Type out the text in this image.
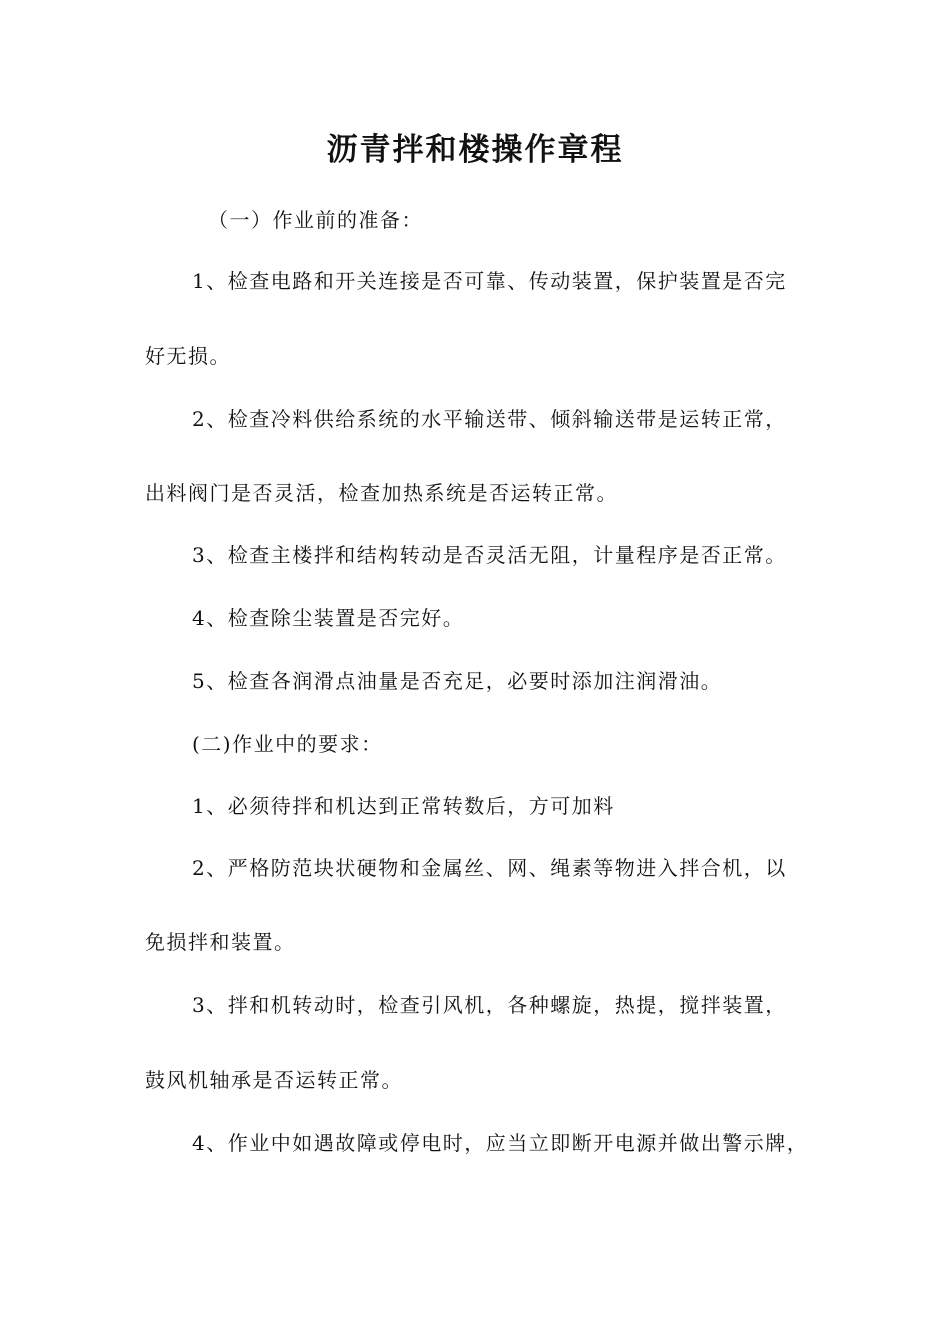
沥青拌和楼操作章程
（一）作业前的准备：
1、检查电路和开关连接是否可靠、传动装置，保护装置是否完
好无损。
2、检查冷料供给系统的水平输送带、倾斜输送带是运转正常，
出料阀门是否灵活，检查加热系统是否运转正常。
3、检查主楼拌和结构转动是否灵活无阻，计量程序是否正常。
4、检查除尘装置是否完好。
5、检查各润滑点油量是否充足，必要时添加注润滑油。
(二)作业中的要求：
1、必须待拌和机达到正常转数后，方可加料
2、严格防范块状硬物和金属丝、网、绳素等物进入拌合机，以
免损拌和装置。
3、拌和机转动时，检查引风机，各种螺旋，热提，搅拌装置，
鼓风机轴承是否运转正常。
4、作业中如遇故障或停电时，应当立即断开电源并做出警示牌，
